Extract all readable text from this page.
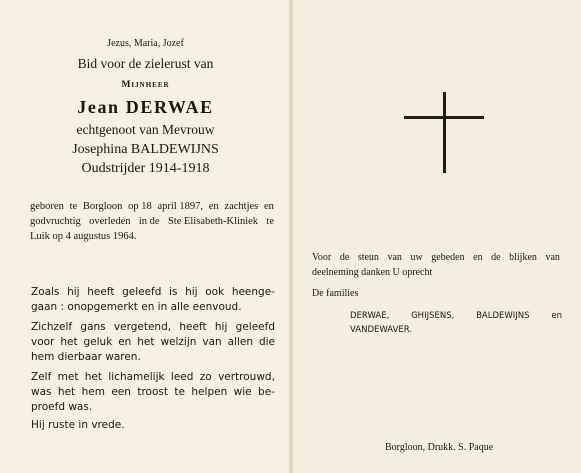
Jezus, Maria, Jozef
Bid voor de zielerust van
Mijnheer
Jean DERWAE
echtgenoot van Mevrouw
Josephina BALDEWIJNS
Oudstrijder 1914-1918
geboren te Borgloon op 18 april 1897, en zachtjes en
godvruchtig overleden in de Ste Elisabeth-Kliniek te
Luik op 4 augustus 1964.
Zoals hij heeft geleefd is hij ook heenge-
gaan : onopgemerkt en in alle eenvoud.
Zichzelf gans vergetend, heeft hij geleefd
voor het geluk en het welzijn van allen die
hem dierbaar waren.
Zelf met het lichamelijk leed zo vertrouwd,
was het hem een troost te helpen wie be-
proefd was.
Hij ruste in vrede.
Voor de steun van uw gebeden en de blijken van
deelneming danken U oprecht
De families
DERWAE,	GHIJSENS,	BALDEWIJNS	en
VANDEWAVER.
Borgloon, Drukk. S. Paque
